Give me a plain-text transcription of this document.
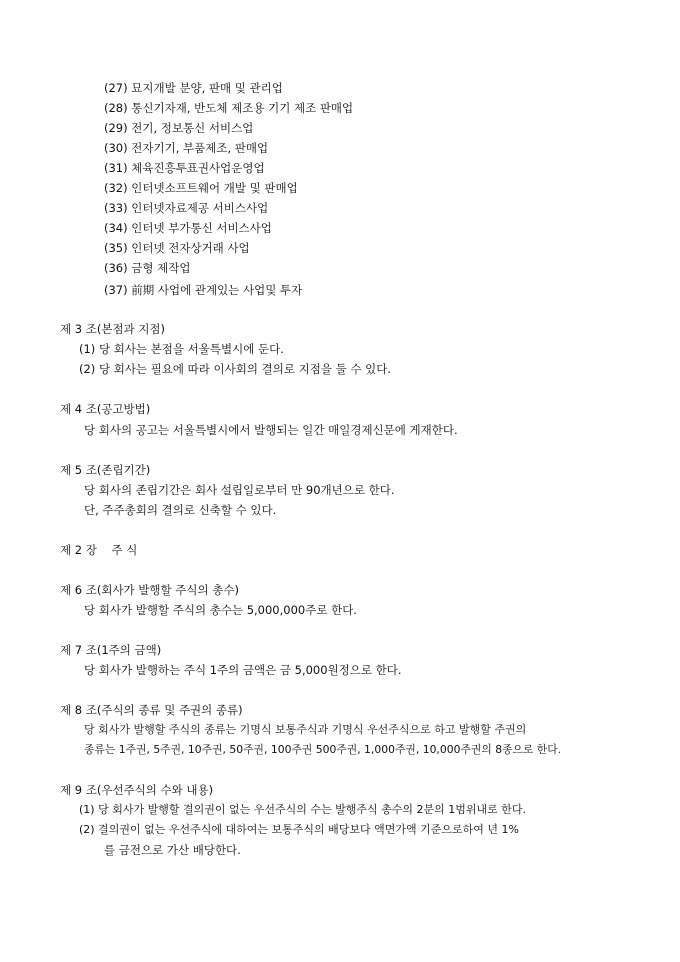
(27) 묘지개발 분양, 판매 및 관리업
(28) 통신기자재, 반도체 제조용 기기 제조 판매업
(29) 전기, 정보통신 서비스업
(30) 전자기기, 부품제조, 판매업
(31) 체육진흥투표권사업운영업
(32) 인터넷소프트웨어 개발 및 판매업
(33) 인터넷자료제공 서비스사업
(34) 인터넷 부가통신 서비스사업
(35) 인터넷 전자상거래 사업
(36) 금형 제작업
(37) 前期 사업에 관계있는 사업및 투자
제 3 조(본점과 지점)
(1) 당 회사는 본점을 서울특별시에 둔다.
(2) 당 회사는 필요에 따라 이사회의 결의로 지점을 둘 수 있다.
제 4 조(공고방법)
당 회사의 공고는 서울특별시에서 발행되는 일간 매일경제신문에 게재한다.
제 5 조(존립기간)
당 회사의 존립기간은 회사 설립일로부터 만 90개년으로 한다.
단, 주주총회의 결의로 신축할 수 있다.
제 2 장    주 식
제 6 조(회사가 발행할 주식의 총수)
당 회사가 발행할 주식의 총수는 5,000,000주로 한다.
제 7 조(1주의 금액)
당 회사가 발행하는 주식 1주의 금액은 금 5,000원정으로 한다.
제 8 조(주식의 종류 및 주권의 종류)
당 회사가 발행할 주식의 종류는 기명식 보통주식과 기명식 우선주식으로 하고 발행할 주권의
종류는 1주권, 5주권, 10주권, 50주권, 100주권 500주권, 1,000주권, 10,000주권의 8종으로 한다.
제 9 조(우선주식의 수와 내용)
(1) 당 회사가 발행할 결의권이 없는 우선주식의 수는 발행주식 총수의 2분의 1범위내로 한다.
(2) 결의권이 없는 우선주식에 대하여는 보통주식의 배당보다 액면가액 기준으로하여 년 1%
를 금전으로 가산 배당한다.
